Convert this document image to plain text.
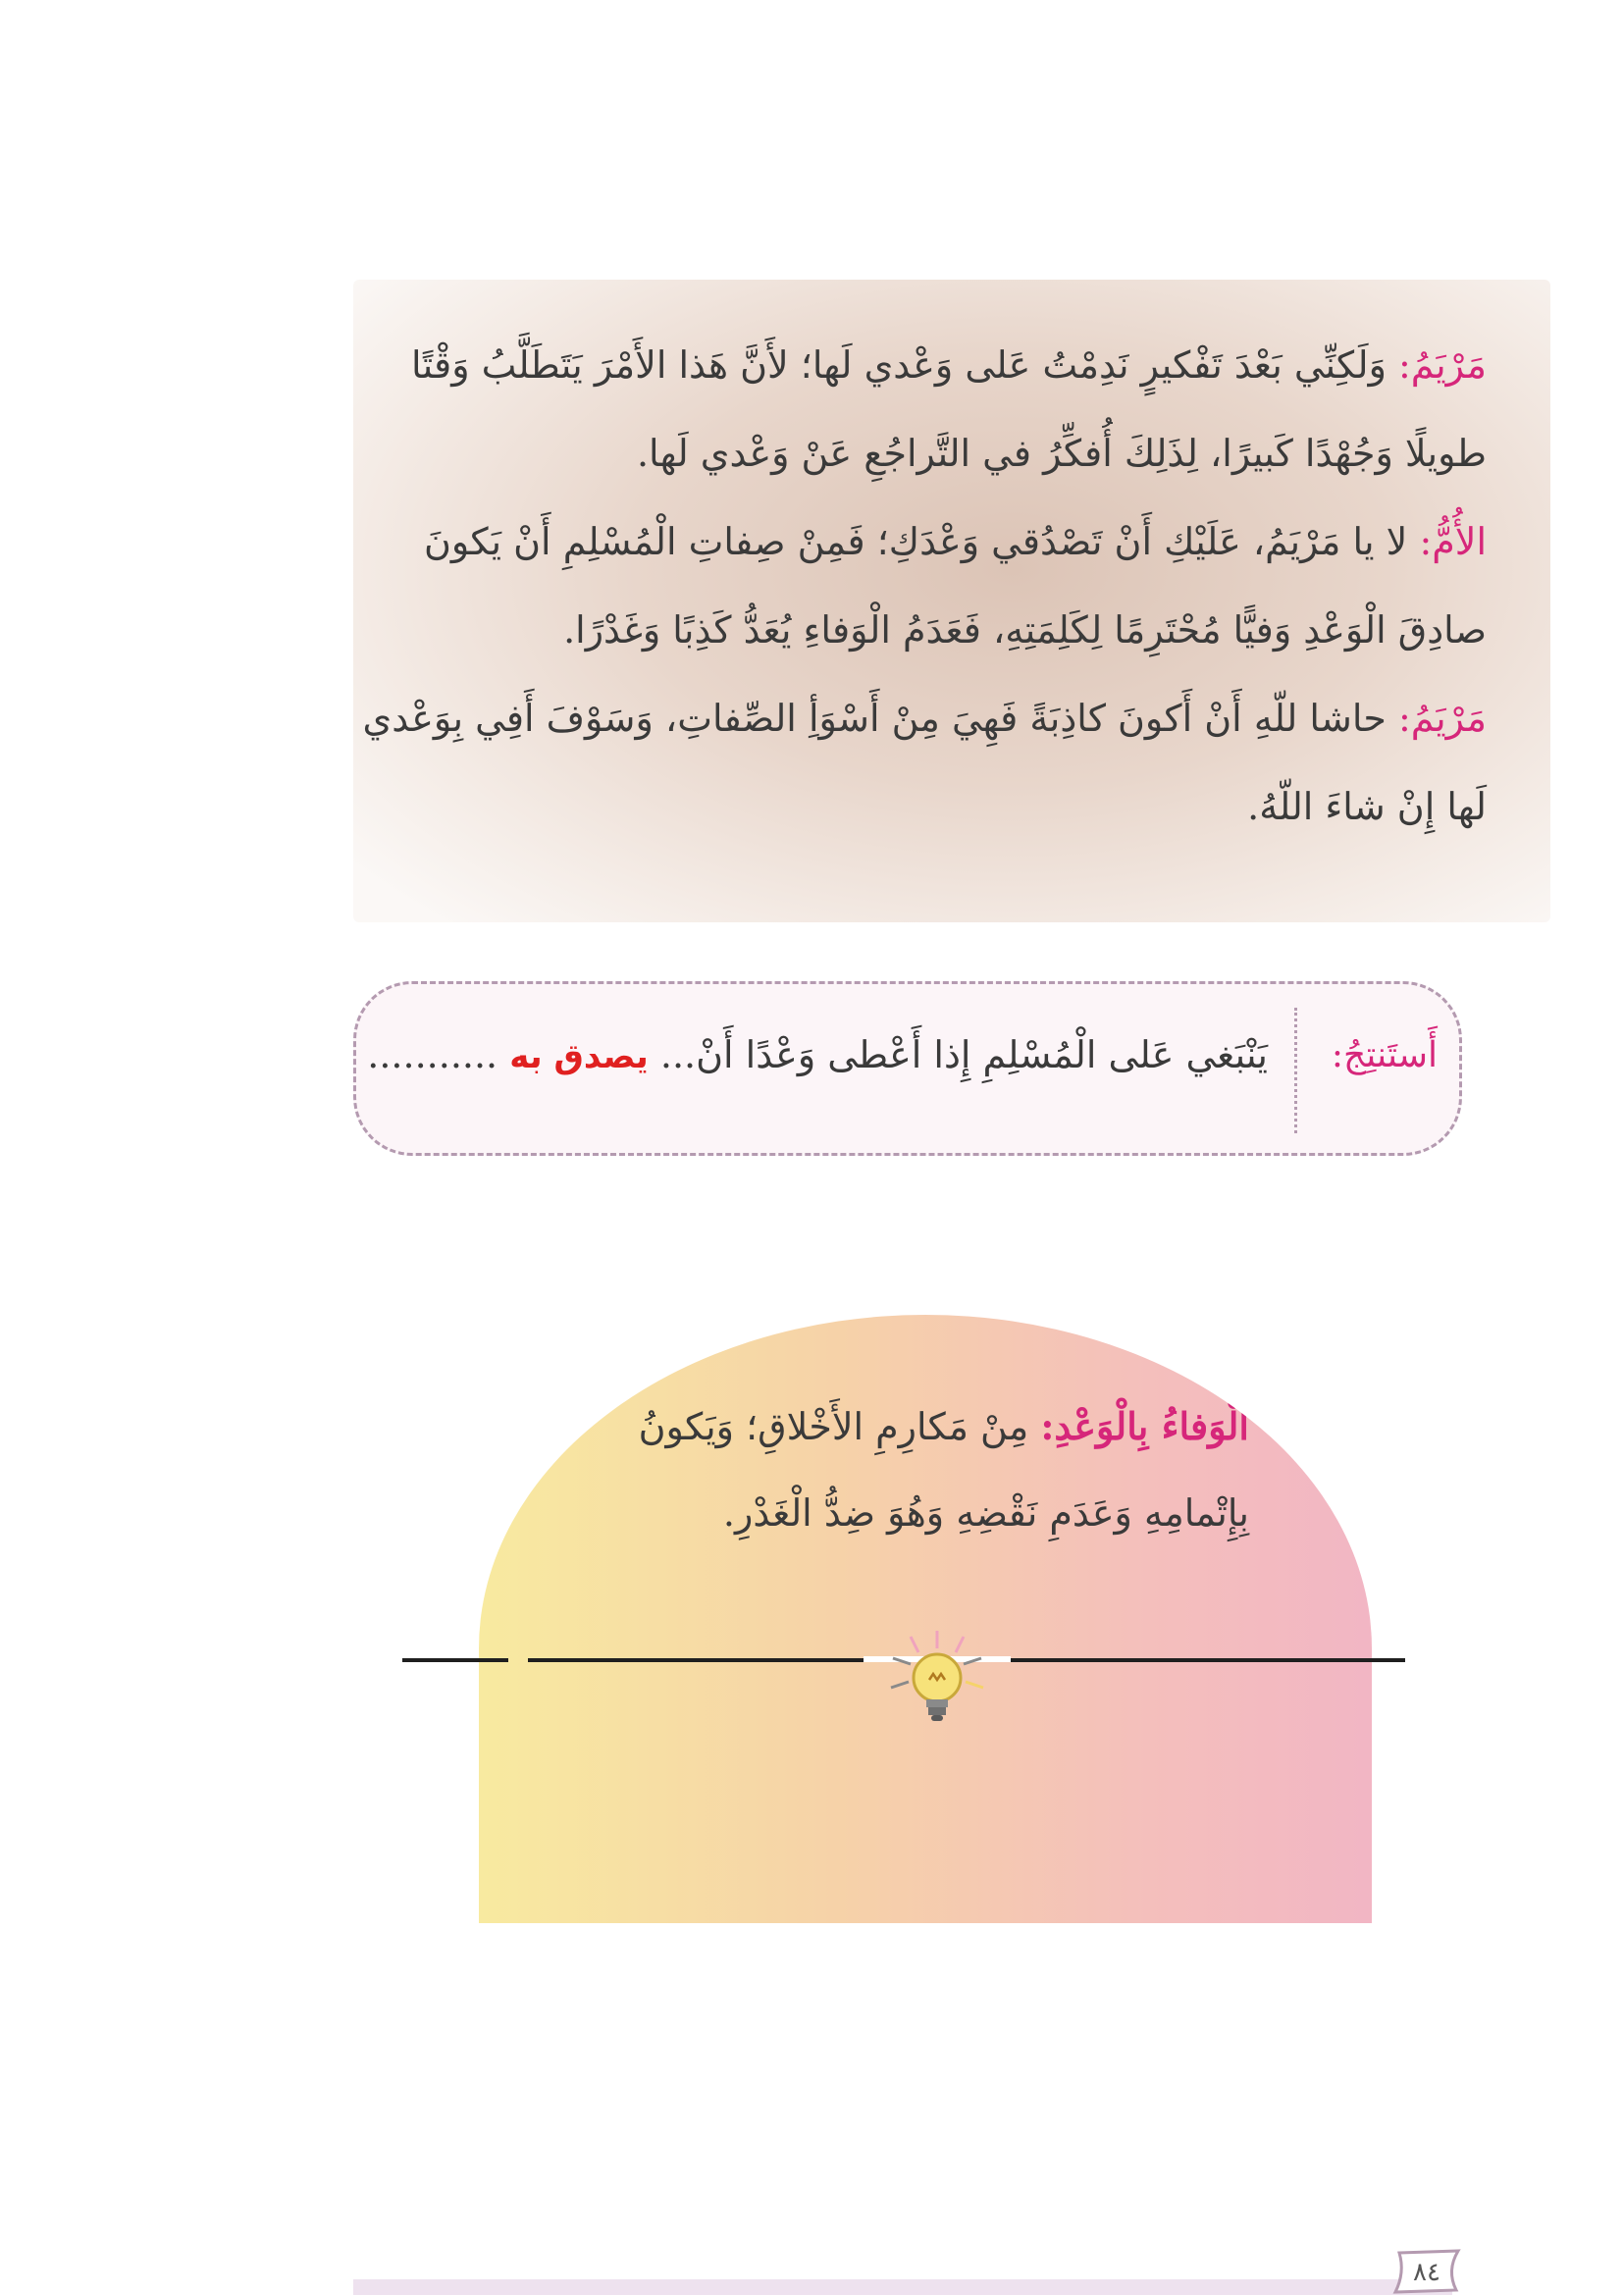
مَرْيَمُ: وَلَكِنِّي بَعْدَ تَفْكيرٍ نَدِمْتُ عَلى وَعْدي لَها؛ لأَنَّ هَذا الأَمْرَ يَتَطَلَّبُ وَقْتًا
طويلًا وَجُهْدًا كَبيرًا، لِذَلِكَ أُفكِّرُ في التَّراجُعِ عَنْ وَعْدي لَها.
الأُمُّ: لا يا مَرْيَمُ، عَلَيْكِ أَنْ تَصْدُقي وَعْدَكِ؛ فَمِنْ صِفاتِ الْمُسْلِمِ أَنْ يَكونَ
صادِقَ الْوَعْدِ وَفيًّا مُحْتَرِمًا لِكَلِمَتِهِ، فَعَدَمُ الْوَفاءِ يُعَدُّ كَذِبًا وَغَدْرًا.
مَرْيَمُ: حاشا للّهِ أَنْ أَكونَ كاذِبَةً فَهِيَ مِنْ أَسْوَأِ الصِّفاتِ، وَسَوْفَ أَفِي بِوَعْدي
لَها إِنْ شاءَ اللّهُ.
أَستَنتِجُ:
يَنْبَغي عَلى الْمُسْلِمِ إِذا أَعْطى وَعْدًا أَنْ... يصدق به ...........
الْوَفاءُ بِالْوَعْدِ: مِنْ مَكارِمِ الأَخْلاقِ؛ وَيَكونُ
بِإِتْمامِهِ وَعَدَمِ نَقْضِهِ وَهُوَ ضِدُّ الْغَدْرِ.
٨٤
